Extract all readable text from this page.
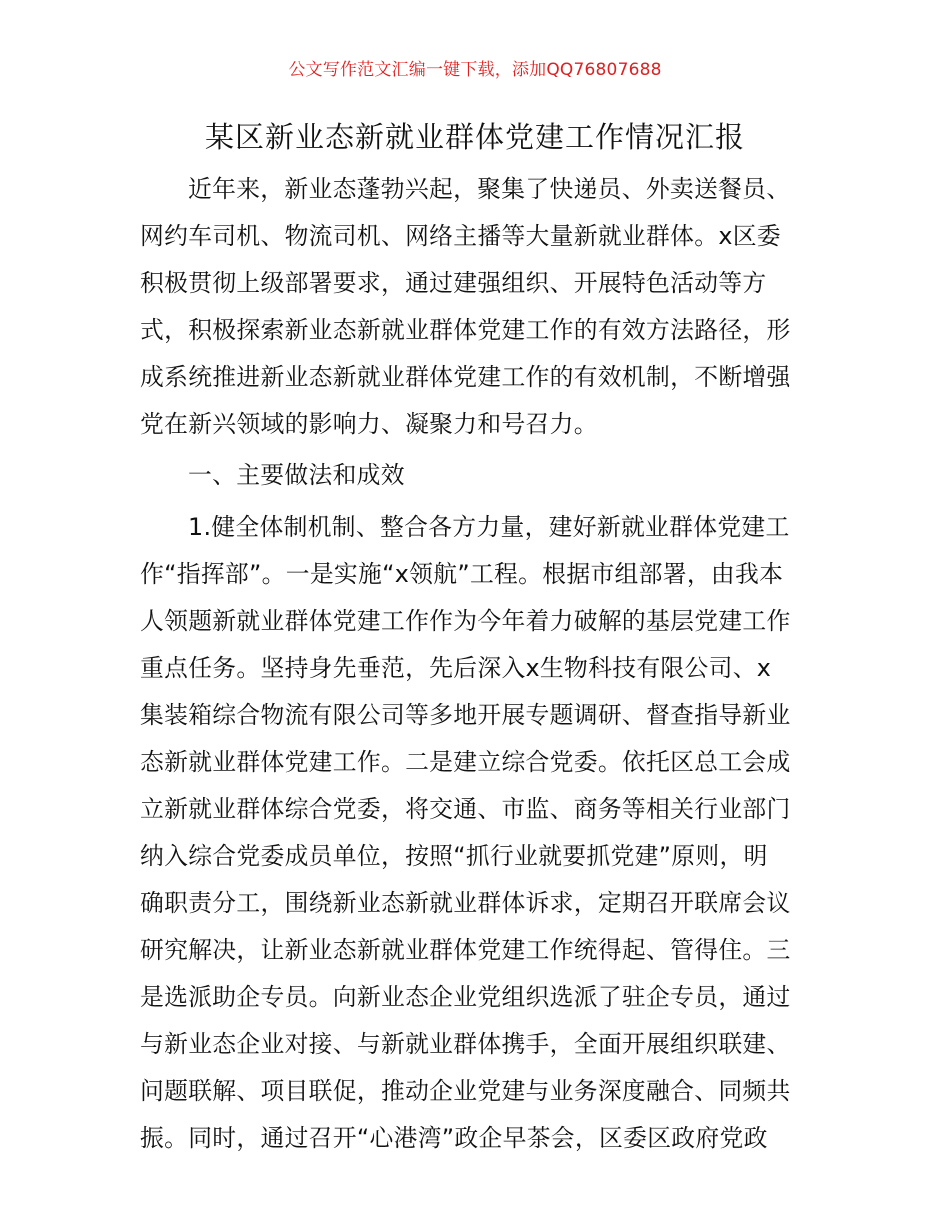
公文写作范文汇编一键下载，添加QQ76807688
某区新业态新就业群体党建工作情况汇报
近年来，新业态蓬勃兴起，聚集了快递员、外卖送餐员、
网约车司机、物流司机、网络主播等大量新就业群体。x区委
积极贯彻上级部署要求，通过建强组织、开展特色活动等方
式，积极探索新业态新就业群体党建工作的有效方法路径，形
成系统推进新业态新就业群体党建工作的有效机制，不断增强
党在新兴领域的影响力、凝聚力和号召力。
一、主要做法和成效
1.健全体制机制、整合各方力量，建好新就业群体党建工
作“指挥部”。一是实施“x领航”工程。根据市组部署，由我本
人领题新就业群体党建工作作为今年着力破解的基层党建工作
重点任务。坚持身先垂范，先后深入x生物科技有限公司、x
集装箱综合物流有限公司等多地开展专题调研、督查指导新业
态新就业群体党建工作。二是建立综合党委。依托区总工会成
立新就业群体综合党委，将交通、市监、商务等相关行业部门
纳入综合党委成员单位，按照“抓行业就要抓党建”原则，明
确职责分工，围绕新业态新就业群体诉求，定期召开联席会议
研究解决，让新业态新就业群体党建工作统得起、管得住。三
是选派助企专员。向新业态企业党组织选派了驻企专员，通过
与新业态企业对接、与新就业群体携手，全面开展组织联建、
问题联解、项目联促，推动企业党建与业务深度融合、同频共
振。同时，通过召开“心港湾”政企早茶会，区委区政府党政
